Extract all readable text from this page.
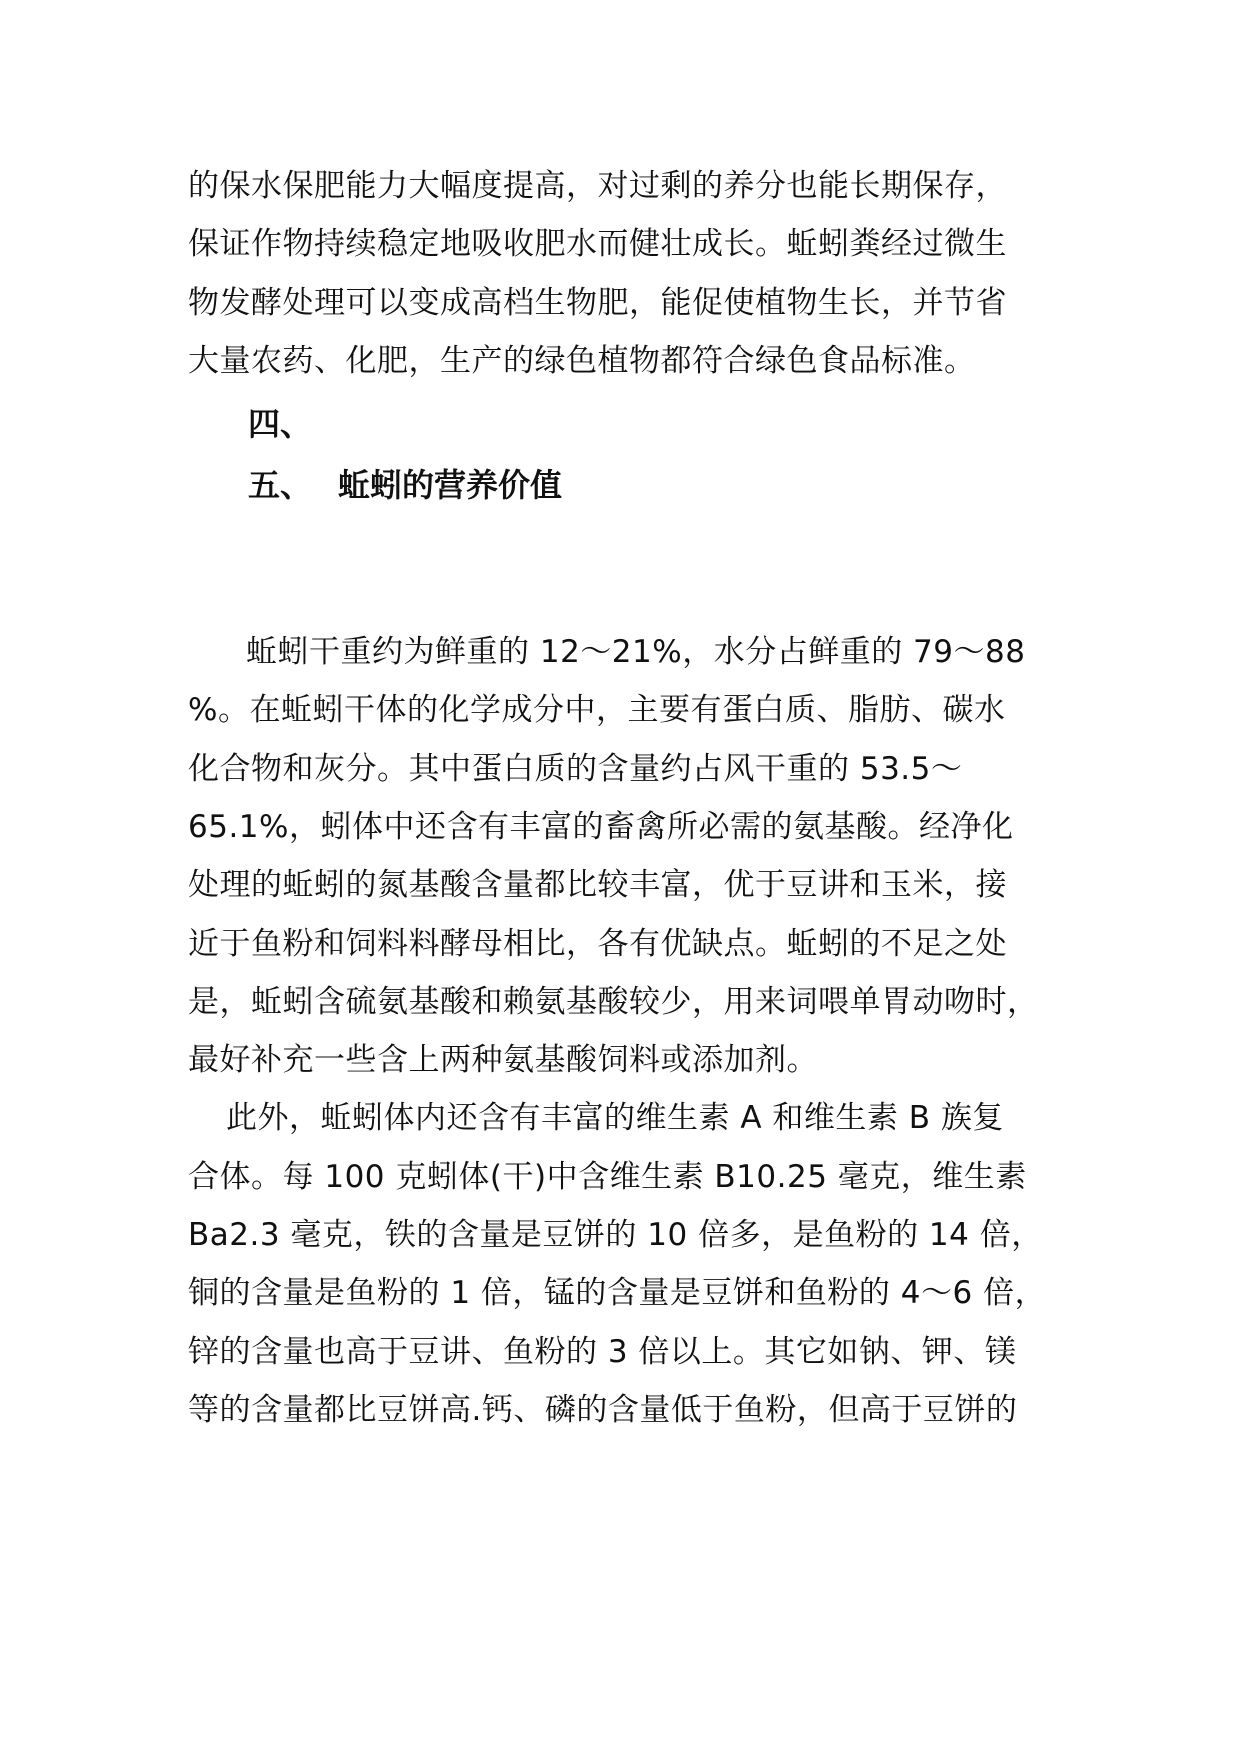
的保水保肥能力大幅度提高，对过剩的养分也能长期保存，
保证作物持续稳定地吸收肥水而健壮成长。蚯蚓粪经过微生
物发酵处理可以变成高档生物肥，能促使植物生长，并节省
大量农药、化肥，生产的绿色植物都符合绿色食品标准。
四、
五、 蚯蚓的营养价值
蚯蚓干重约为鲜重的 12～21%，水分占鲜重的 79～88
%。在蚯蚓干体的化学成分中，主要有蛋白质、脂肪、碳水
化合物和灰分。其中蛋白质的含量约占风干重的 53.5～
65.1%，蚓体中还含有丰富的畜禽所必需的氨基酸。经净化
处理的蚯蚓的氮基酸含量都比较丰富，优于豆讲和玉米，接
近于鱼粉和饲料料酵母相比，各有优缺点。蚯蚓的不足之处
是，蚯蚓含硫氨基酸和赖氨基酸较少，用来词喂单胃动吻时，
最好补充一些含上两种氨基酸饲料或添加剂。
此外，蚯蚓体内还含有丰富的维生素 A 和维生素 B 族复
合体。每 100 克蚓体(干)中含维生素 B10.25 毫克，维生素
Ba2.3 毫克，铁的含量是豆饼的 10 倍多，是鱼粉的 14 倍，
铜的含量是鱼粉的 1 倍，锰的含量是豆饼和鱼粉的 4～6 倍，
锌的含量也高于豆讲、鱼粉的 3 倍以上。其它如钠、钾、镁
等的含量都比豆饼高.钙、磷的含量低于鱼粉，但高于豆饼的
